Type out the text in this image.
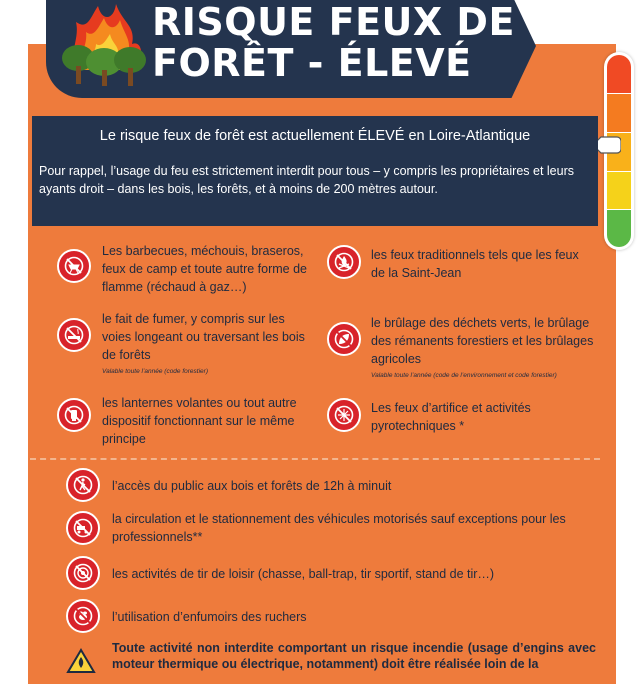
RISQUE FEUX DE
FORÊT - ÉLEVÉ
Le risque feux de forêt est actuellement ÉLEVÉ en Loire-Atlantique
Pour rappel, l’usage du feu est strictement interdit pour tous – y compris les propriétaires et leurs ayants droit – dans les bois, les forêts, et à moins de 200 mètres autour.
Les barbecues, méchouis, braseros, feux de camp et toute autre forme de flamme (réchaud à gaz…)
les feux traditionnels tels que les feux de la Saint-Jean
le fait de fumer, y compris sur les voies longeant ou traversant les bois de forêts
Valable toute l’année (code forestier)
le brûlage des déchets verts, le brûlage des rémanents forestiers et les brûlages agricoles
Valable toute l’année (code de l’environnement et code forestier)
les lanternes volantes ou tout autre dispositif fonctionnant sur le même principe
Les feux d’artifice et activités pyrotechniques *
l’accès du public aux bois et forêts de 12h à minuit
la circulation et le stationnement des véhicules motorisés sauf exceptions pour les professionnels**
les activités de tir de loisir (chasse, ball-trap, tir sportif, stand de tir…)
l’utilisation d’enfumoirs des ruchers
Toute activité non interdite comportant un risque incendie (usage d’engins avec moteur thermique ou électrique, notamment) doit être réalisée loin de la
